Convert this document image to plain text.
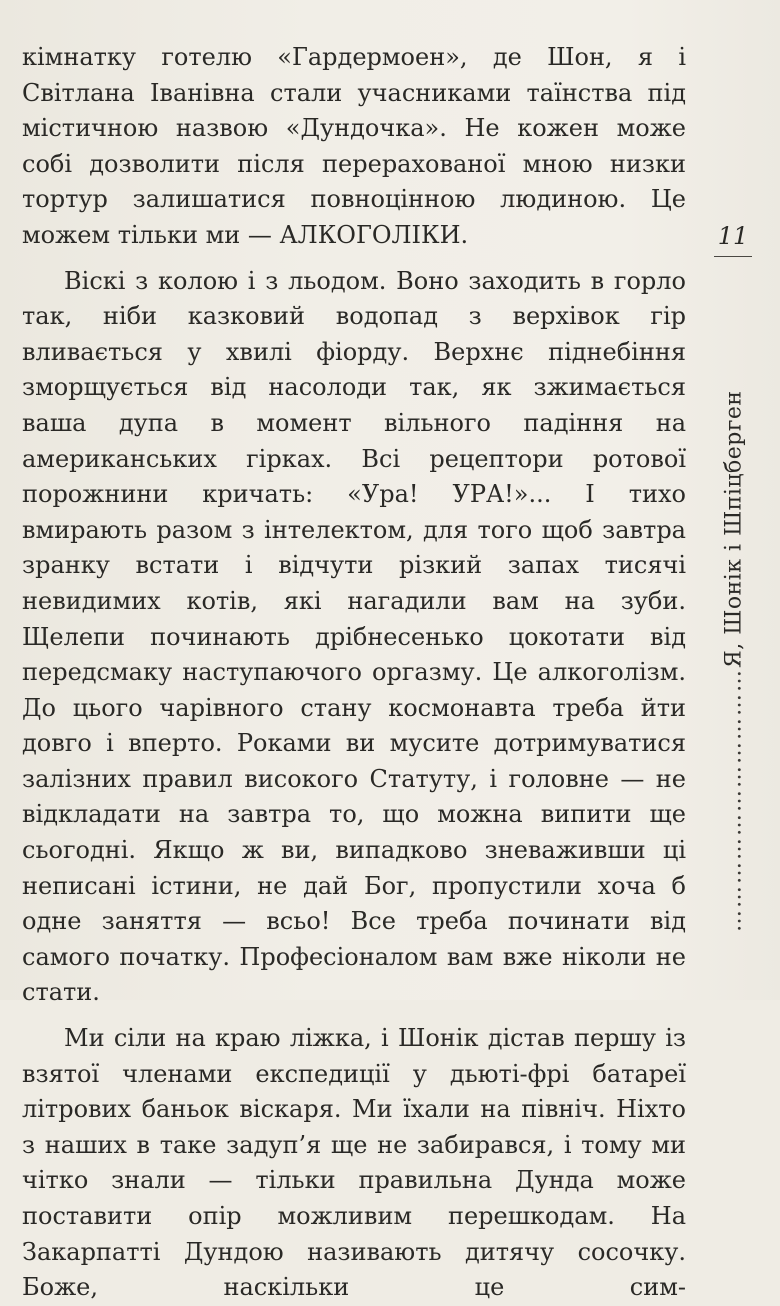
кімнатку готелю «Гардермоен», де Шон, я і Світлана Іванівна стали учасниками таїнства під містичною назвою «Дундочка». Не кожен може собі дозволити після перерахованої мною низки тортур залишатися повноцінною людиною. Це можем тільки ми — АЛКОГОЛІКИ.

Віскі з колою і з льодом. Воно заходить в горло так, ніби казковий водопад з верхівок гір вливається у хвилі фіорду. Верхнє піднебіння зморщується від насолоди так, як зжимається ваша дупа в момент вільного падіння на американських гірках. Всі рецептори ротової порожнини кричать: «Ура! УРА!»... І тихо вмирають разом з інтелектом, для того щоб завтра зранку встати і відчути різкий запах тисячі невидимих котів, які нагадили вам на зуби. Щелепи починають дрібнесенько цокотати від передсмаку наступаючого оргазму. Це алкоголізм. До цього чарівного стану космонавта треба йти довго і вперто. Роками ви мусите дотримуватися залізних правил високого Статуту, і головне — не відкладати на завтра то, що можна випити ще сьогодні. Якщо ж ви, випадково зневаживши ці неписані істини, не дай Бог, пропустили хоча б одне заняття — всьо! Все треба починати від самого початку. Професіоналом вам вже ніколи не стати.

Ми сіли на краю ліжка, і Шонік дістав першу із взятої членами експедиції у дьюті-фрі батареї літрових баньок віскаря. Ми їхали на північ. Ніхто з наших в таке задуп’я ще не забирався, і тому ми чітко знали — тільки правильна Дунда може поставити опір можливим перешкодам. На Закарпатті Дундою називають дитячу сосочку. Боже, наскільки це сим-

11
……………………………
Я, Шонік і Шпіцберген
